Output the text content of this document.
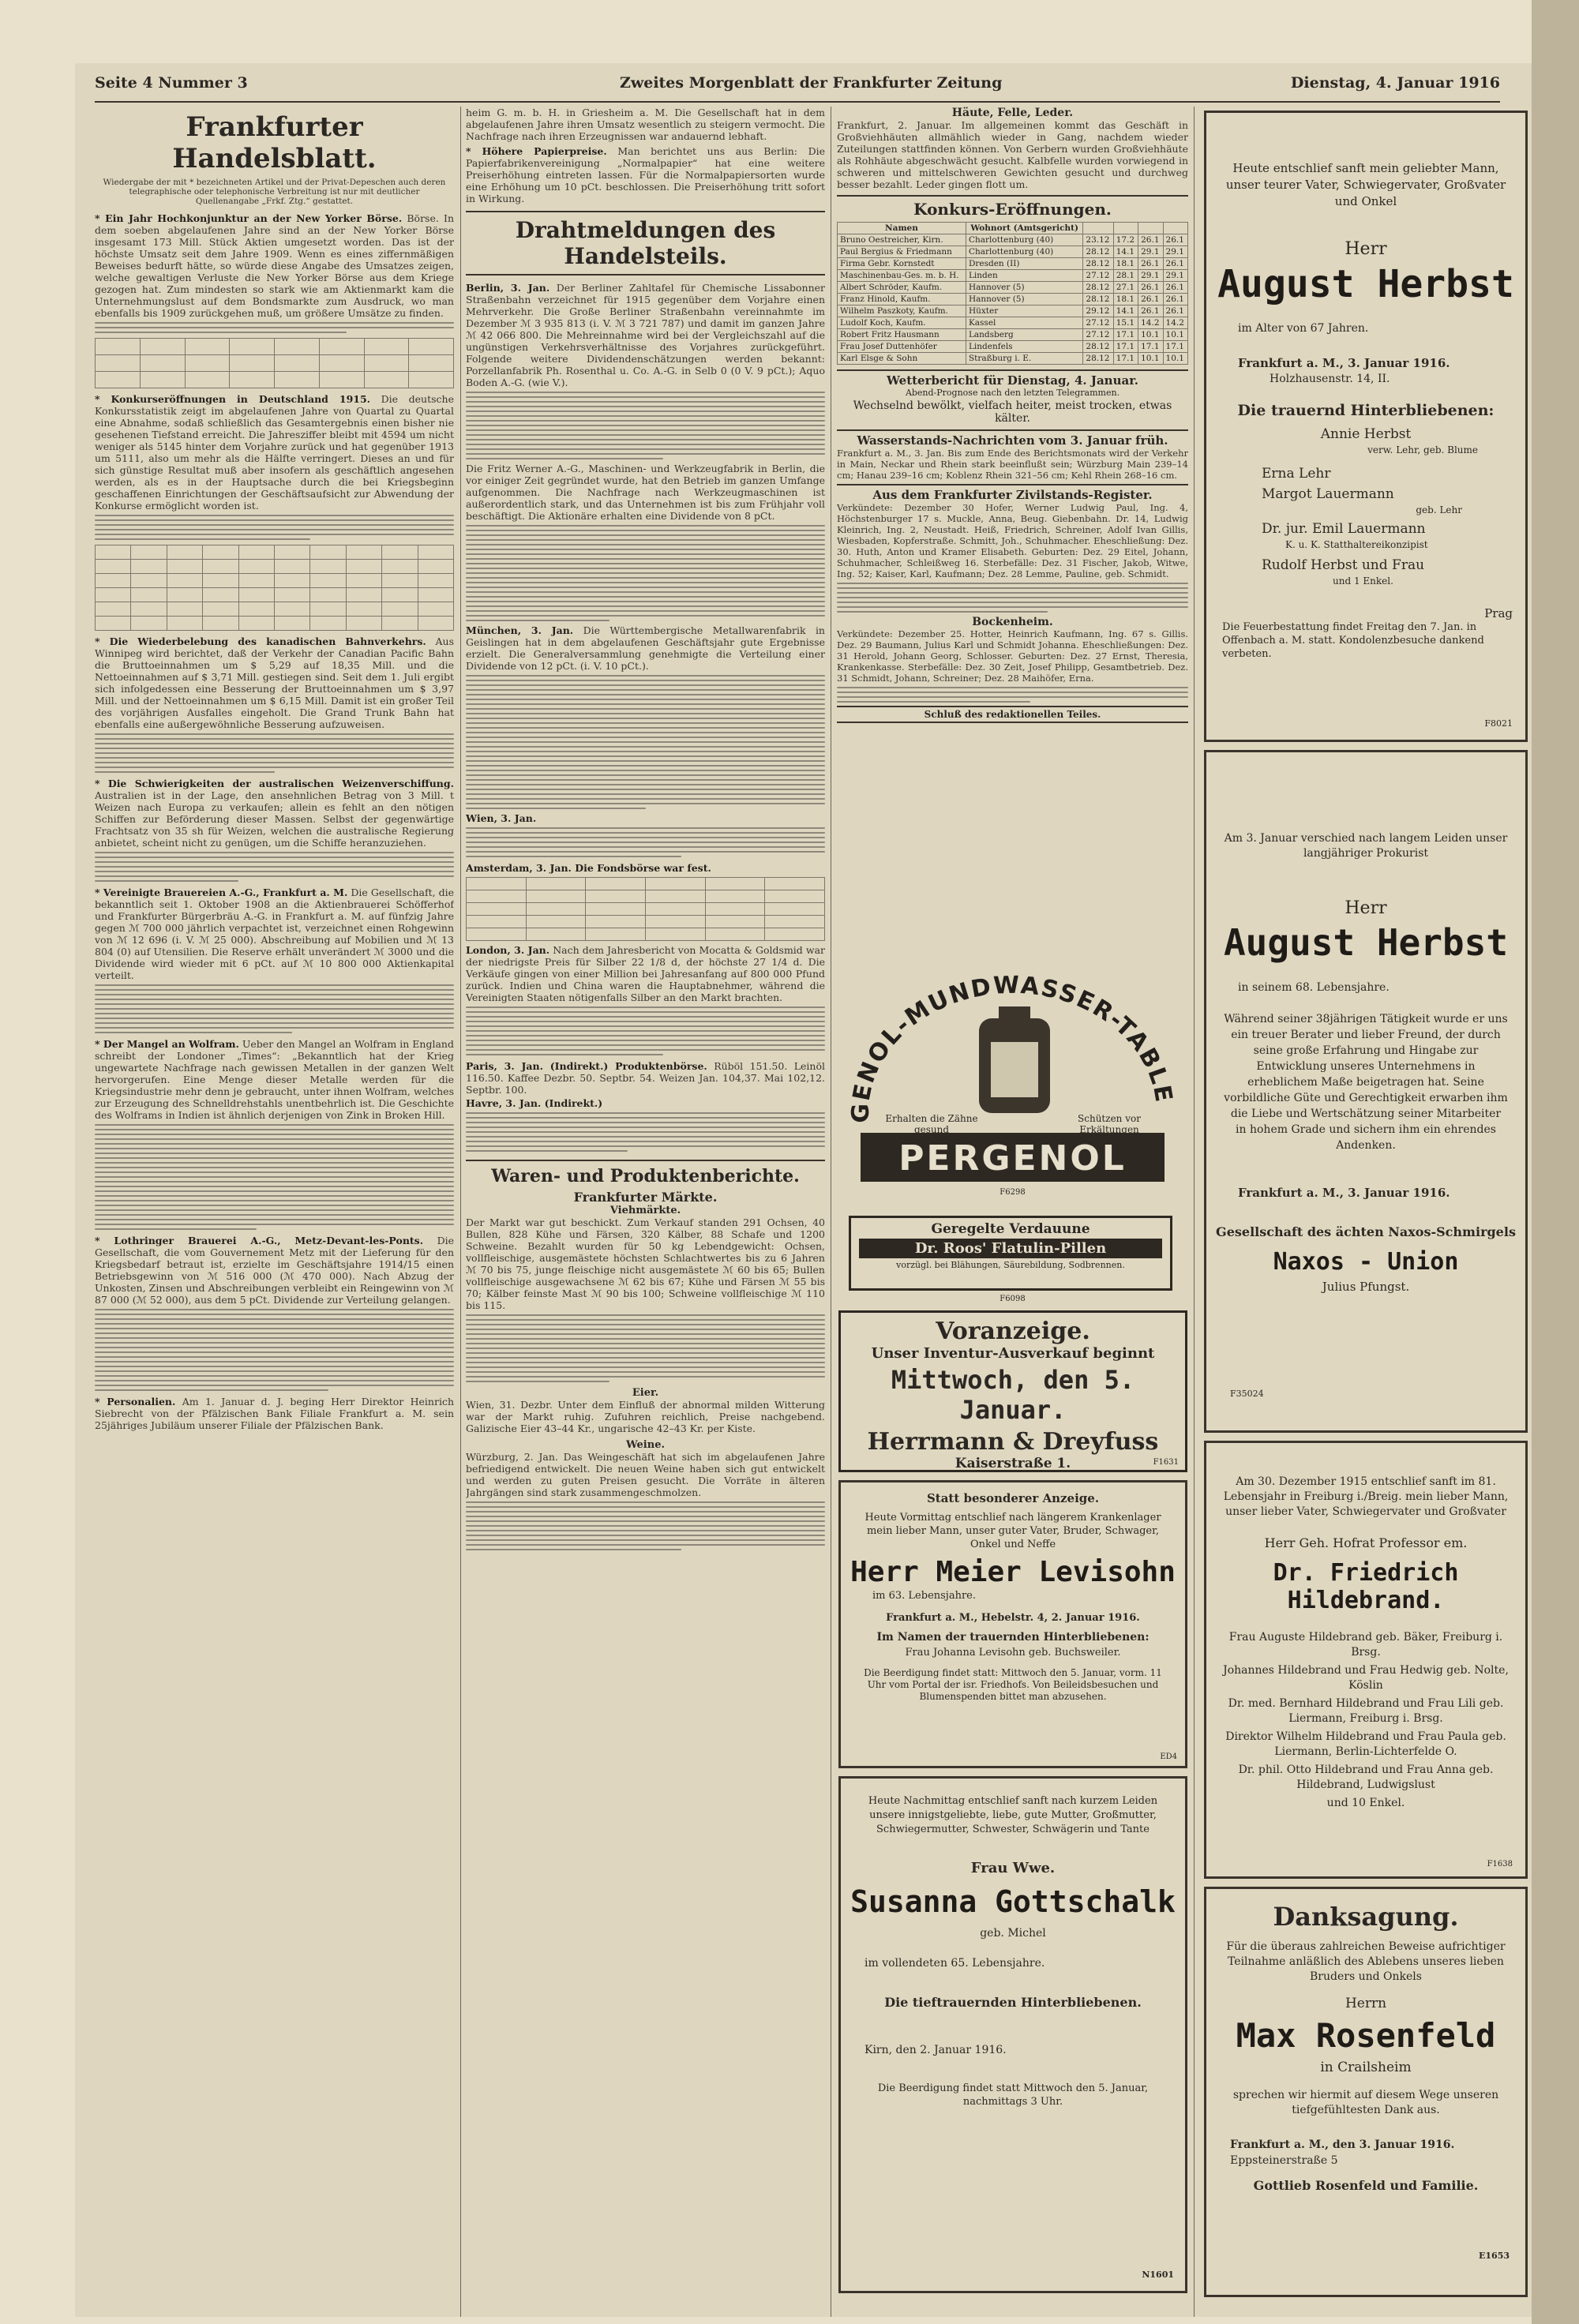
Seite 4 Nummer 3	Zweites Morgenblatt der Frankfurter Zeitung	Dienstag, 4. Januar 1916
Frankfurter Handelsblatt.

Wiedergabe der mit * bezeichneten Artikel und der Privat-Depeschen auch deren telegraphische oder telephonische Verbreitung ist nur mit deutlicher Quellenangabe „Frkf. Ztg.“ gestattet.

* Ein Jahr Hochkonjunktur an der New Yorker Börse. Börse. In dem soeben abgelaufenen Jahre sind an der New Yorker Börse insgesamt 173 Mill. Stück Aktien umgesetzt worden. Das ist der höchste Umsatz seit dem Jahre 1909. Wenn es eines ziffernmäßigen Beweises bedurft hätte, so würde diese Angabe des Umsatzes zeigen, welche gewaltigen Verluste die New Yorker Börse aus dem Kriege gezogen hat. Zum mindesten so stark wie am Aktienmarkt kam die Unternehmungslust auf dem Bondsmarkte zum Ausdruck, wo man ebenfalls bis 1909 zurückgehen muß, um größere Umsätze zu finden.

* Konkurseröffnungen in Deutschland 1915. Die deutsche Konkursstatistik zeigt im abgelaufenen Jahre von Quartal zu Quartal eine Abnahme, sodaß schließlich das Gesamtergebnis einen bisher nie gesehenen Tiefstand erreicht. Die Jahresziffer bleibt mit 4594 um nicht weniger als 5145 hinter dem Vorjahre zurück und hat gegenüber 1913 um 5111, also um mehr als die Hälfte verringert. Dieses an und für sich günstige Resultat muß aber insofern als geschäftlich angesehen werden, als es in der Hauptsache durch die bei Kriegsbeginn geschaffenen Einrichtungen der Geschäftsaufsicht zur Abwendung der Konkurse ermöglicht worden ist.

* Die Wiederbelebung des kanadischen Bahnverkehrs. Aus Winnipeg wird berichtet, daß der Verkehr der Canadian Pacific Bahn die Bruttoeinnahmen um $ 5,29 auf 18,35 Mill. und die Nettoeinnahmen auf $ 3,71 Mill. gestiegen sind. Seit dem 1. Juli ergibt sich infolgedessen eine Besserung der Bruttoeinnahmen um $ 3,97 Mill. und der Nettoeinnahmen um $ 6,15 Mill. Damit ist ein großer Teil des vorjährigen Ausfalles eingeholt. Die Grand Trunk Bahn hat ebenfalls eine außergewöhnliche Besserung aufzuweisen.

* Die Schwierigkeiten der australischen Weizenverschiffung. Australien ist in der Lage, den ansehnlichen Betrag von 3 Mill. t Weizen nach Europa zu verkaufen; allein es fehlt an den nötigen Schiffen zur Beförderung dieser Massen. Selbst der gegenwärtige Frachtsatz von 35 sh für Weizen, welchen die australische Regierung anbietet, scheint nicht zu genügen, um die Schiffe heranzuziehen.

* Vereinigte Brauereien A.-G., Frankfurt a. M. Die Gesellschaft, die bekanntlich seit 1. Oktober 1908 an die Aktienbrauerei Schöfferhof und Frankfurter Bürgerbräu A.-G. in Frankfurt a. M. auf fünfzig Jahre gegen ℳ 700 000 jährlich verpachtet ist, verzeichnet einen Rohgewinn von ℳ 12 696 (i. V. ℳ 25 000). Abschreibung auf Mobilien und ℳ 13 804 (0) auf Utensilien. Die Reserve erhält unverändert ℳ 3000 und die Dividende wird wieder mit 6 pCt. auf ℳ 10 800 000 Aktienkapital verteilt.

* Der Mangel an Wolfram. Ueber den Mangel an Wolfram in England schreibt der Londoner „Times“: „Bekanntlich hat der Krieg ungewartete Nachfrage nach gewissen Metallen in der ganzen Welt hervorgerufen. Eine Menge dieser Metalle werden für die Kriegsindustrie mehr denn je gebraucht, unter ihnen Wolfram, welches zur Erzeugung des Schnelldrehstahls unentbehrlich ist. Die Geschichte des Wolframs in Indien ist ähnlich derjenigen von Zink in Broken Hill.

* Lothringer Brauerei A.-G., Metz-Devant-les-Ponts. Die Gesellschaft, die vom Gouvernement Metz mit der Lieferung für den Kriegsbedarf betraut ist, erzielte im Geschäftsjahre 1914/15 einen Betriebsgewinn von ℳ 516 000 (ℳ 470 000). Nach Abzug der Unkosten, Zinsen und Abschreibungen verbleibt ein Reingewinn von ℳ 87 000 (ℳ 52 000), aus dem 5 pCt. Dividende zur Verteilung gelangen.

* Personalien. Am 1. Januar d. J. beging Herr Direktor Heinrich Siebrecht von der Pfälzischen Bank Filiale Frankfurt a. M. sein 25jähriges Jubiläum unserer Filiale der Pfälzischen Bank.

heim G. m. b. H. in Griesheim a. M. Die Gesellschaft hat in dem abgelaufenen Jahre ihren Umsatz wesentlich zu steigern vermocht. Die Nachfrage nach ihren Erzeugnissen war andauernd lebhaft.

* Höhere Papierpreise. Man berichtet uns aus Berlin: Die Papierfabrikenvereinigung „Normalpapier“ hat eine weitere Preiserhöhung eintreten lassen. Für die Normalpapiersorten wurde eine Erhöhung um 10 pCt. beschlossen. Die Preiserhöhung tritt sofort in Wirkung.

Drahtmeldungen des Handelsteils.

Berlin, 3. Jan. Der Berliner Zahltafel für Chemische Lissabonner Straßenbahn verzeichnet für 1915 gegenüber dem Vorjahre einen Mehrverkehr. Die Große Berliner Straßenbahn vereinnahmte im Dezember ℳ 3 935 813 (i. V. ℳ 3 721 787) und damit im ganzen Jahre ℳ 42 066 800. Die Mehreinnahme wird bei der Vergleichszahl auf die ungünstigen Verkehrsverhältnisse des Vorjahres zurückgeführt. Folgende weitere Dividendenschätzungen werden bekannt: Porzellanfabrik Ph. Rosenthal u. Co. A.-G. in Selb 0 (0 V. 9 pCt.); Aquo Boden A.-G. (wie V.).

Die Fritz Werner A.-G., Maschinen- und Werkzeugfabrik in Berlin, die vor einiger Zeit gegründet wurde, hat den Betrieb im ganzen Umfange aufgenommen. Die Nachfrage nach Werkzeugmaschinen ist außerordentlich stark, und das Unternehmen ist bis zum Frühjahr voll beschäftigt. Die Aktionäre erhalten eine Dividende von 8 pCt.

München, 3. Jan. Die Württembergische Metallwarenfabrik in Geislingen hat in dem abgelaufenen Geschäftsjahr gute Ergebnisse erzielt. Die Generalversammlung genehmigte die Verteilung einer Dividende von 12 pCt. (i. V. 10 pCt.).

Wien, 3. Jan.

Amsterdam, 3. Jan. Die Fondsbörse war fest.

London, 3. Jan. Nach dem Jahresbericht von Mocatta & Goldsmid war der niedrigste Preis für Silber 22 1/8 d, der höchste 27 1/4 d. Die Verkäufe gingen von einer Million bei Jahresanfang auf 800 000 Pfund zurück. Indien und China waren die Hauptabnehmer, während die Vereinigten Staaten nötigenfalls Silber an den Markt brachten.

Paris, 3. Jan. (Indirekt.) Produktenbörse. Rüböl 151.50. Leinöl 116.50. Kaffee Dezbr. 50. Septbr. 54. Weizen Jan. 104,37. Mai 102,12. Septbr. 100.

Havre, 3. Jan. (Indirekt.)

Waren- und Produktenberichte.
Frankfurter Märkte.
Viehmärkte.

Der Markt war gut beschickt. Zum Verkauf standen 291 Ochsen, 40 Bullen, 828 Kühe und Färsen, 320 Kälber, 88 Schafe und 1200 Schweine. Bezahlt wurden für 50 kg Lebendgewicht: Ochsen, vollfleischige, ausgemästete höchsten Schlachtwertes bis zu 6 Jahren ℳ 70 bis 75, junge fleischige nicht ausgemästete ℳ 60 bis 65; Bullen vollfleischige ausgewachsene ℳ 62 bis 67; Kühe und Färsen ℳ 55 bis 70; Kälber feinste Mast ℳ 90 bis 100; Schweine vollfleischige ℳ 110 bis 115.

Eier.

Wien, 31. Dezbr. Unter dem Einfluß der abnormal milden Witterung war der Markt ruhig. Zufuhren reichlich, Preise nachgebend. Galizische Eier 43–44 Kr., ungarische 42–43 Kr. per Kiste.

Weine.

Würzburg, 2. Jan. Das Weingeschäft hat sich im abgelaufenen Jahre befriedigend entwickelt. Die neuen Weine haben sich gut entwickelt und werden zu guten Preisen gesucht. Die Vorräte in älteren Jahrgängen sind stark zusammengeschmolzen.

Häute, Felle, Leder.

Frankfurt, 2. Januar. Im allgemeinen kommt das Geschäft in Großviehhäuten allmählich wieder in Gang, nachdem wieder Zuteilungen stattfinden können. Von Gerbern wurden Großviehhäute als Rohhäute abgeschwächt gesucht. Kalbfelle wurden vorwiegend in schweren und mittelschweren Gewichten gesucht und durchweg besser bezahlt. Leder gingen flott um.

Konkurs-Eröffnungen.
Namen	Wohnort (Amtsgericht)				
Bruno Oestreicher, Kirn.	Charlottenburg (40)	23.12	17.2	26.1	26.1
Paul Bergius & Friedmann	Charlottenburg (40)	28.12	14.1	29.1	29.1
Firma Gebr. Kornstedt	Dresden (II)	28.12	18.1	26.1	26.1
Maschinenbau-Ges. m. b. H.	Linden	27.12	28.1	29.1	29.1
Albert Schröder, Kaufm.	Hannover (5)	28.12	27.1	26.1	26.1
Franz Hinold, Kaufm.	Hannover (5)	28.12	18.1	26.1	26.1
Wilhelm Paszkoty, Kaufm.	Hüxter	29.12	14.1	26.1	26.1
Ludolf Koch, Kaufm.	Kassel	27.12	15.1	14.2	14.2
Robert Fritz Hausmann	Landsberg	27.12	17.1	10.1	10.1
Frau Josef Duttenhöfer	Lindenfels	28.12	17.1	17.1	17.1
Karl Elsge & Sohn	Straßburg i. E.	28.12	17.1	10.1	10.1
Wetterbericht für Dienstag, 4. Januar.
Abend-Prognose nach den letzten Telegrammen.
Wechselnd bewölkt, vielfach heiter, meist trocken, etwas kälter.
Wasserstands-Nachrichten vom 3. Januar früh.

Frankfurt a. M., 3. Jan. Bis zum Ende des Berichtsmonats wird der Verkehr in Main, Neckar und Rhein stark beeinflußt sein; Würzburg Main 239–14 cm; Hanau 239–16 cm; Koblenz Rhein 321–56 cm; Kehl Rhein 268–16 cm.

Aus dem Frankfurter Zivilstands-Register.

Verkündete: Dezember 30 Hofer, Werner Ludwig Paul, Ing. 4, Höchstenburger 17 s. Muckle, Anna, Beug. Giebenbahn. Dr. 14, Ludwig Kleinrich, Ing. 2, Neustadt. Heiß, Friedrich, Schreiner, Adolf Ivan Gillis, Wiesbaden, Kopferstraße. Schmitt, Joh., Schuhmacher. Eheschließung: Dez. 30. Huth, Anton und Kramer Elisabeth. Geburten: Dez. 29 Eitel, Johann, Schuhmacher, Schleißweg 16. Sterbefälle: Dez. 31 Fischer, Jakob, Witwe, Ing. 52; Kaiser, Karl, Kaufmann; Dez. 28 Lemme, Pauline, geb. Schmidt.

Bockenheim.

Verkündete: Dezember 25. Hotter, Heinrich Kaufmann, Ing. 67 s. Gillis. Dez. 29 Baumann, Julius Karl und Schmidt Johanna. Eheschließungen: Dez. 31 Herold, Johann Georg, Schlosser. Geburten: Dez. 27 Ernst, Theresia, Krankenkasse. Sterbefälle: Dez. 30 Zeit, Josef Philipp, Gesamtbetrieb. Dez. 31 Schmidt, Johann, Schreiner; Dez. 28 Maihöfer, Erna.

Schluß des redaktionellen Teiles.
GENOL-MUNDWASSER-TABLE
PERGENOL
Erhalten die Zähne gesund
Schützen vor Erkältungen
F6298
Geregelte Verdauune
Dr. Roos' Flatulin-Pillen
vorzügl. bei Blähungen, Säurebildung, Sodbrennen.
F6098
Voranzeige.
Unser Inventur-Ausverkauf beginnt
Mittwoch, den 5. Januar.
Herrmann & Dreyfuss
Kaiserstraße 1.	F1631
Statt besonderer Anzeige.

Heute Vormittag entschlief nach längerem Krankenlager mein lieber Mann, unser guter Vater, Bruder, Schwager, Onkel und Neffe

Herr Meier Levisohn
im 63. Lebensjahre.
Frankfurt a. M., Hebelstr. 4, 2. Januar 1916.
Im Namen der trauernden Hinterbliebenen:
Frau Johanna Levisohn geb. Buchsweiler.

Die Beerdigung findet statt: Mittwoch den 5. Januar, vorm. 11 Uhr vom Portal der isr. Friedhofs. Von Beileidsbesuchen und Blumenspenden bittet man abzusehen.

ED4

Heute Nachmittag entschlief sanft nach kurzem Leiden unsere innigstgeliebte, liebe, gute Mutter, Großmutter, Schwiegermutter, Schwester, Schwägerin und Tante

Frau Wwe.
Susanna Gottschalk
geb. Michel
im vollendeten 65. Lebensjahre.
Die tieftrauernden Hinterbliebenen.
Kirn, den 2. Januar 1916.

Die Beerdigung findet statt Mittwoch den 5. Januar, nachmittags 3 Uhr.

N1601

Heute entschlief sanft mein geliebter Mann, unser teurer Vater, Schwiegervater, Großvater und Onkel

Herr
August Herbst
im Alter von 67 Jahren.
Frankfurt a. M., 3. Januar 1916.
Holzhausenstr. 14, II.
Die trauernd Hinterbliebenen:
Annie Herbst
verw. Lehr, geb. Blume
Erna Lehr
Margot Lauermann
geb. Lehr
Dr. jur. Emil Lauermann
K. u. K. Statthaltereikonzipist
Prag
Rudolf Herbst und Frau
und 1 Enkel.

Die Feuerbestattung findet Freitag den 7. Jan. in Offenbach a. M. statt. Kondolenzbesuche dankend verbeten.

F8021

Am 3. Januar verschied nach langem Leiden unser langjähriger Prokurist

Herr
August Herbst
in seinem 68. Lebensjahre.

Während seiner 38jährigen Tätigkeit wurde er uns ein treuer Berater und lieber Freund, der durch seine große Erfahrung und Hingabe zur Entwicklung unseres Unternehmens in erheblichem Maße beigetragen hat. Seine vorbildliche Güte und Gerechtigkeit erwarben ihm die Liebe und Wertschätzung seiner Mitarbeiter in hohem Grade und sichern ihm ein ehrendes Andenken.

Frankfurt a. M., 3. Januar 1916.
Gesellschaft des ächten Naxos-Schmirgels
Naxos - Union
Julius Pfungst.
F35024

Am 30. Dezember 1915 entschlief sanft im 81. Lebensjahr in Freiburg i./Breig. mein lieber Mann, unser lieber Vater, Schwiegervater und Großvater

Herr Geh. Hofrat Professor em.
Dr. Friedrich Hildebrand.
Frau Auguste Hildebrand geb. Bäker, Freiburg i. Brsg.
Johannes Hildebrand und Frau Hedwig geb. Nolte, Köslin
Dr. med. Bernhard Hildebrand und Frau Lili geb. Liermann, Freiburg i. Brsg.
Direktor Wilhelm Hildebrand und Frau Paula geb. Liermann, Berlin-Lichterfelde O.
Dr. phil. Otto Hildebrand und Frau Anna geb. Hildebrand, Ludwigslust
und 10 Enkel.
F1638
Danksagung.

Für die überaus zahlreichen Beweise aufrichtiger Teilnahme anläßlich des Ablebens unseres lieben Bruders und Onkels

Herrn
Max Rosenfeld
in Crailsheim

sprechen wir hiermit auf diesem Wege unseren tiefgefühltesten Dank aus.

Frankfurt a. M., den 3. Januar 1916.
Eppsteinerstraße 5
E1653
Gottlieb Rosenfeld und Familie.
